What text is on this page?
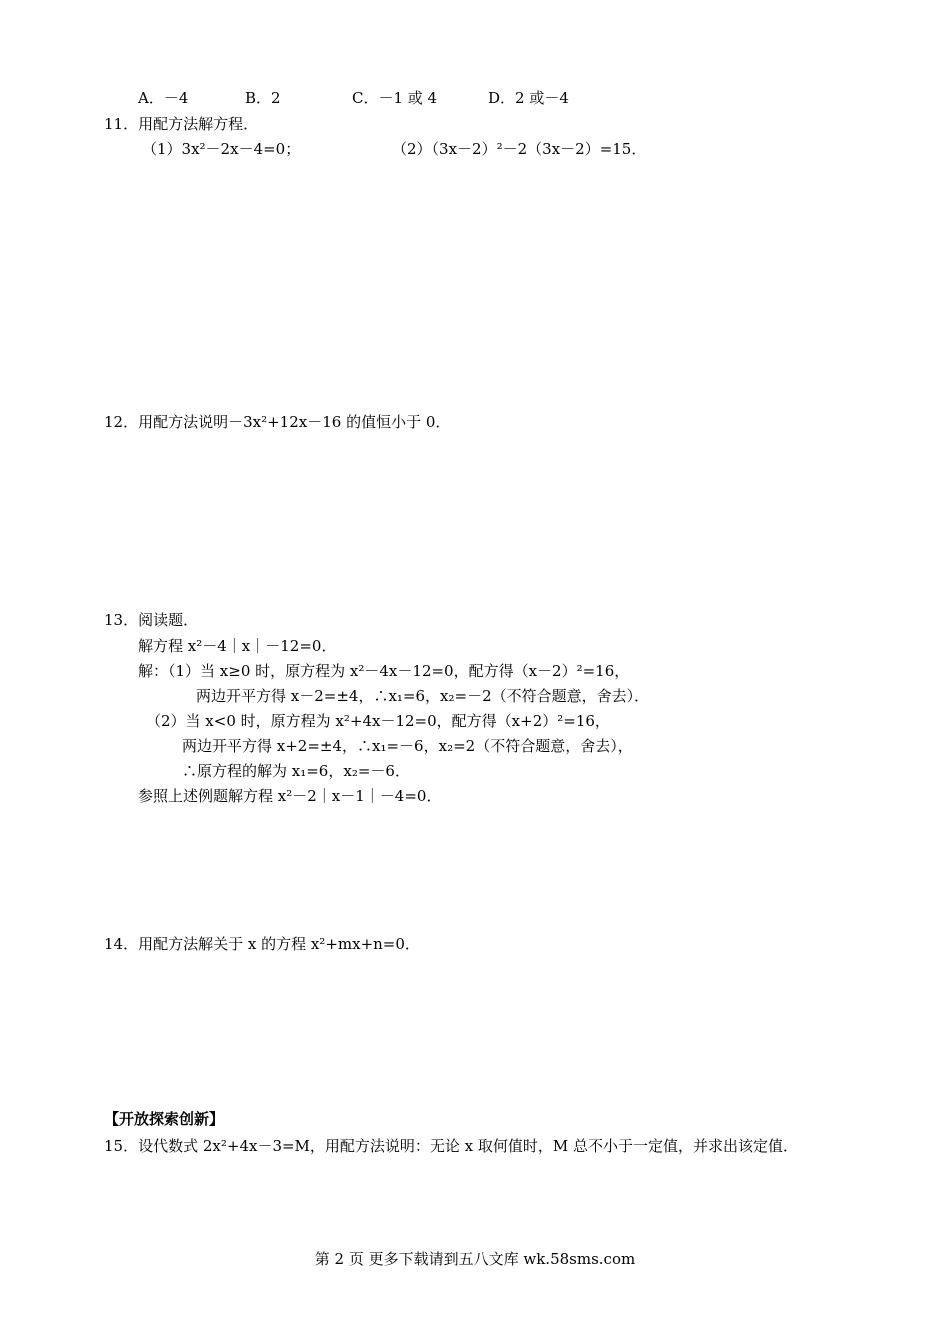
A．－4	B．2	C．－1 或 4	D．2 或－4
11．用配方法解方程．
（1）3x²－2x－4=0；	（2）（3x－2）²－2（3x－2）=15．
12．用配方法说明－3x²+12x－16 的值恒小于 0．
13．阅读题．
解方程 x²－4｜x｜－12=0．
解：（1）当 x≥0 时，原方程为 x²－4x－12=0，配方得（x－2）²=16，
两边开平方得 x－2=±4，∴x₁=6，x₂=－2（不符合题意，舍去）．
（2）当 x<0 时，原方程为 x²+4x－12=0，配方得（x+2）²=16，
两边开平方得 x+2=±4，∴x₁=－6，x₂=2（不符合题意，舍去），
∴原方程的解为 x₁=6，x₂=－6．
参照上述例题解方程 x²－2｜x－1｜－4=0．
14．用配方法解关于 x 的方程 x²+mx+n=0．
【开放探索创新】
15．设代数式 2x²+4x－3=M，用配方法说明：无论 x 取何值时，M 总不小于一定值，并求出该定值．
第 2 页 更多下载请到五八文库 wk.58sms.com
